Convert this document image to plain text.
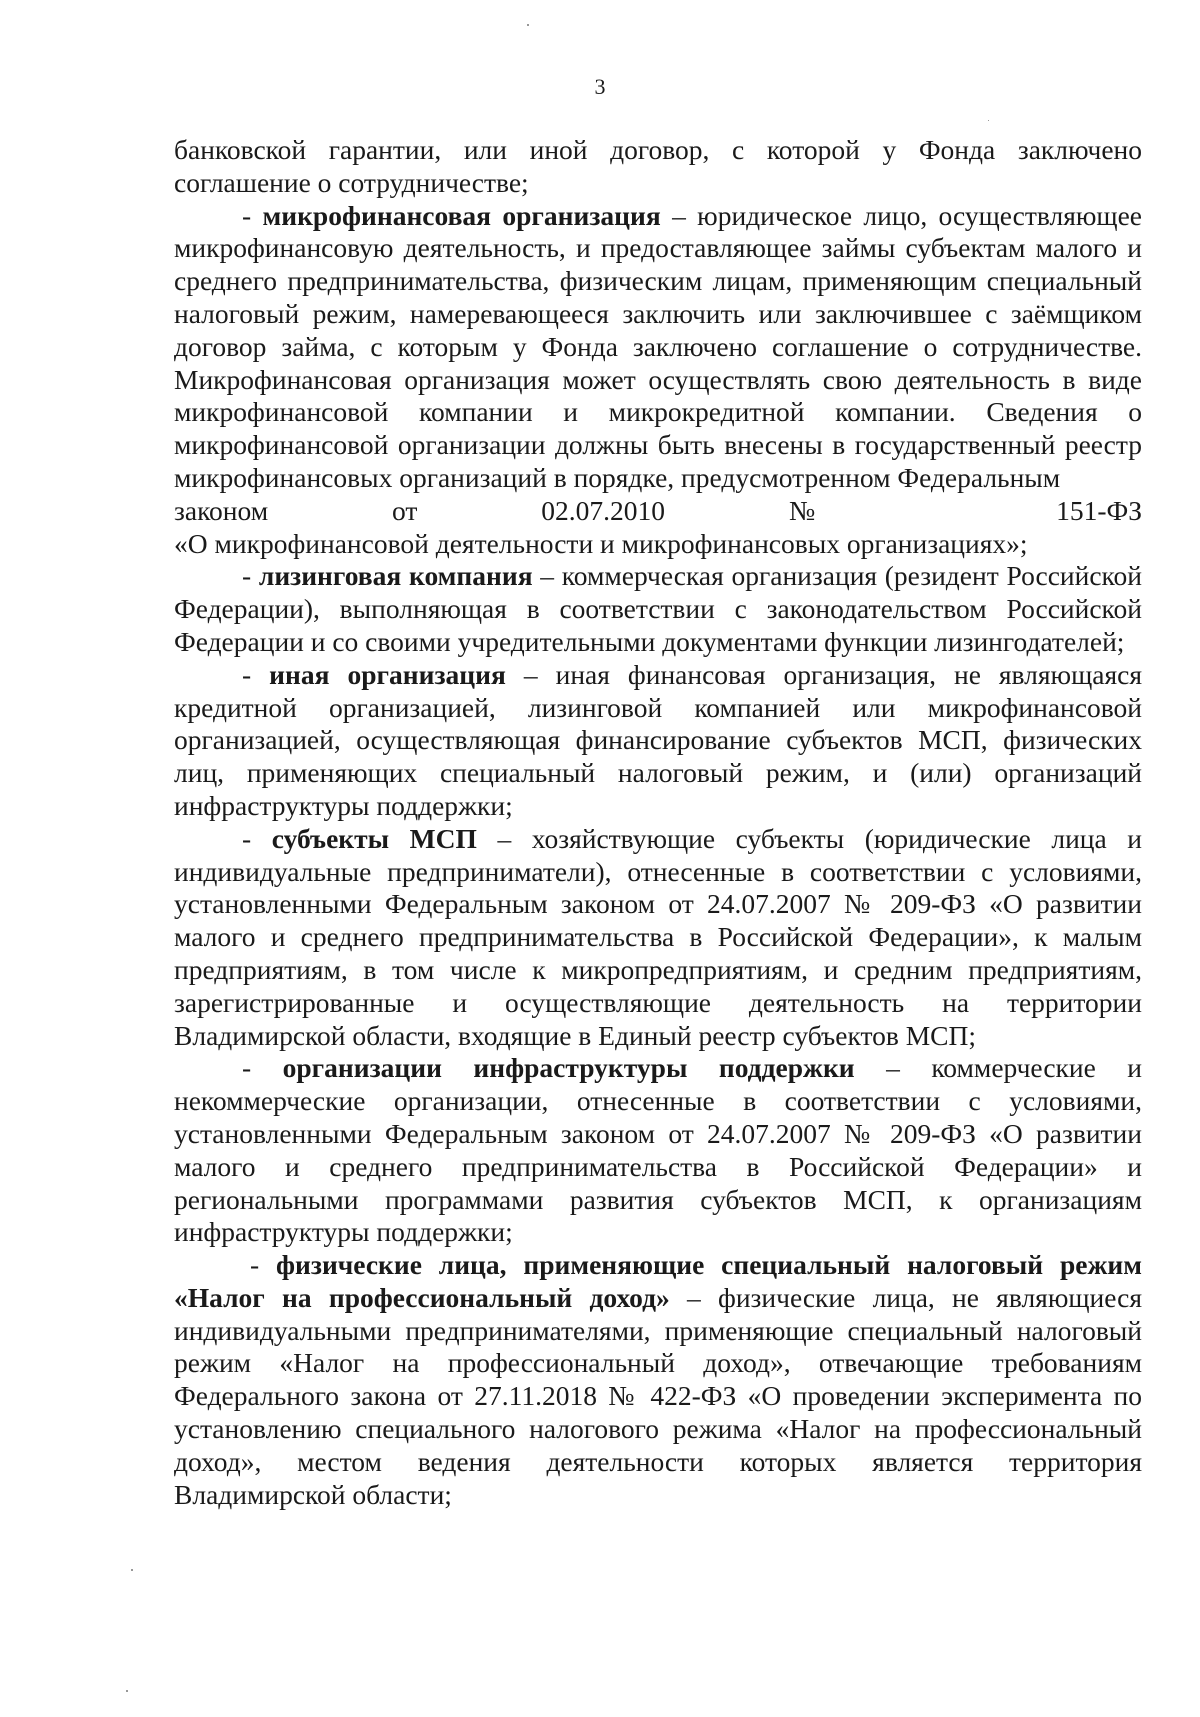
3

банковской гарантии, или иной договор, с которой у Фонда заключено соглашение о сотрудничестве;

- микрофинансовая организация – юридическое лицо, осуществляющее микрофинансовую деятельность, и предоставляющее займы субъектам малого и среднего предпринимательства, физическим лицам, применяющим специальный налоговый режим, намеревающееся заключить или заключившее с заёмщиком договор займа, с которым у Фонда заключено соглашение о сотрудничестве. Микрофинансовая организация может осуществлять свою деятельность в виде микрофинансовой компании и микрокредитной компании. Сведения о микрофинансовой организации должны быть внесены в государственный реестр микрофинансовых организаций в порядке, предусмотренном Федеральным

законом от 02.07.2010 № 151-ФЗ

«О микрофинансовой деятельности и микрофинансовых организациях»;

- лизинговая компания – коммерческая организация (резидент Российской Федерации), выполняющая в соответствии с законодательством Российской Федерации и со своими учредительными документами функции лизингодателей;

- иная организация – иная финансовая организация, не являющаяся кредитной организацией, лизинговой компанией или микрофинансовой организацией, осуществляющая финансирование субъектов МСП, физических лиц, применяющих специальный налоговый режим, и (или) организаций инфраструктуры поддержки;

- субъекты МСП – хозяйствующие субъекты (юридические лица и индивидуальные предприниматели), отнесенные в соответствии с условиями, установленными Федеральным законом от 24.07.2007 № 209-ФЗ «О развитии малого и среднего предпринимательства в Российской Федерации», к малым предприятиям, в том числе к микропредприятиям, и средним предприятиям, зарегистрированные и осуществляющие деятельность на территории Владимирской области, входящие в Единый реестр субъектов МСП;

- организации инфраструктуры поддержки – коммерческие и некоммерческие организации, отнесенные в соответствии с условиями, установленными Федеральным законом от 24.07.2007 № 209-ФЗ «О развитии малого и среднего предпринимательства в Российской Федерации» и региональными программами развития субъектов МСП, к организациям инфраструктуры поддержки;

- физические лица, применяющие специальный налоговый режим «Налог на профессиональный доход» – физические лица, не являющиеся индивидуальными предпринимателями, применяющие специальный налоговый режим «Налог на профессиональный доход», отвечающие требованиям Федерального закона от 27.11.2018 № 422-ФЗ «О проведении эксперимента по установлению специального налогового режима «Налог на профессиональный доход», местом ведения деятельности которых является территория Владимирской области;
